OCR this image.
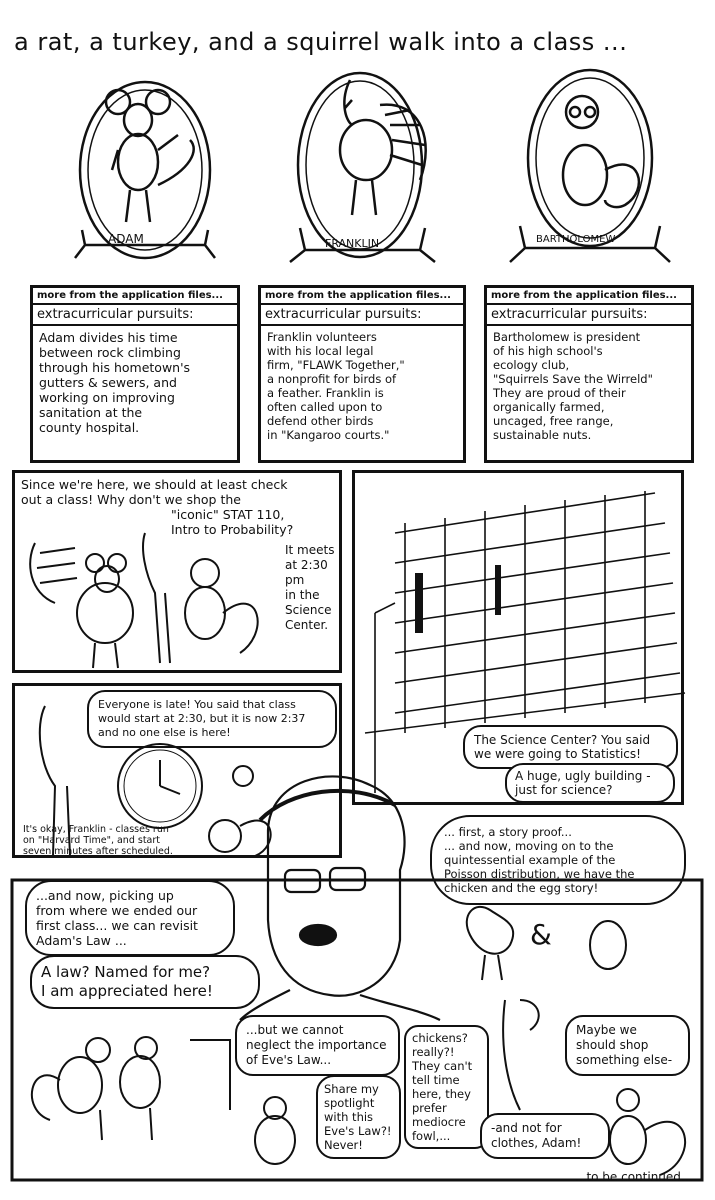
a rat, a turkey, and a squirrel walk into a class ...
ADAM	FRANKLIN	BARTHOLOMEW
more from the application files...
extracurricular pursuits:
Adam divides his time
between rock climbing
through his hometown's
gutters & sewers, and
working on improving
sanitation at the
county hospital.
more from the application files...
extracurricular pursuits:
Franklin volunteers
with his local legal
firm, "FLAWK Together,"
a nonprofit for birds of
a feather. Franklin is
often called upon to
defend other birds
in "Kangaroo courts."
more from the application files...
extracurricular pursuits:
Bartholomew is president
of his high school's
ecology club,
"Squirrels Save the Wirreld"
They are proud of their
organically farmed,
uncaged, free range,
sustainable nuts.
Since we're here, we should at least check
out a class! Why don't we shop the
"iconic" STAT 110,
Intro to Probability?
It meets
at 2:30 pm
in the
Science
Center.
The Science Center? You said
we were going to Statistics!
A huge, ugly building -
just for science?
Everyone is late! You said that class
would start at 2:30, but it is now 2:37
and no one else is here!
It's okay, Franklin - classes run
on "Harvard Time", and start
seven minutes after scheduled.
... first, a story proof...
... and now, moving on to the
quintessential example of the
Poisson distribution, we have the
chicken and the egg story!
&
...and now, picking up
from where we ended our
first class... we can revisit
Adam's Law ...
A law? Named for me?
I am appreciated here!
...but we cannot
neglect the importance
of Eve's Law...
chickens?
really?!
They can't
tell time
here, they
prefer
mediocre
fowl,...
Share my
spotlight
with this
Eve's Law?!
Never!
Maybe we
should shop
something else-
-and not for
clothes, Adam!
...to be continued...
